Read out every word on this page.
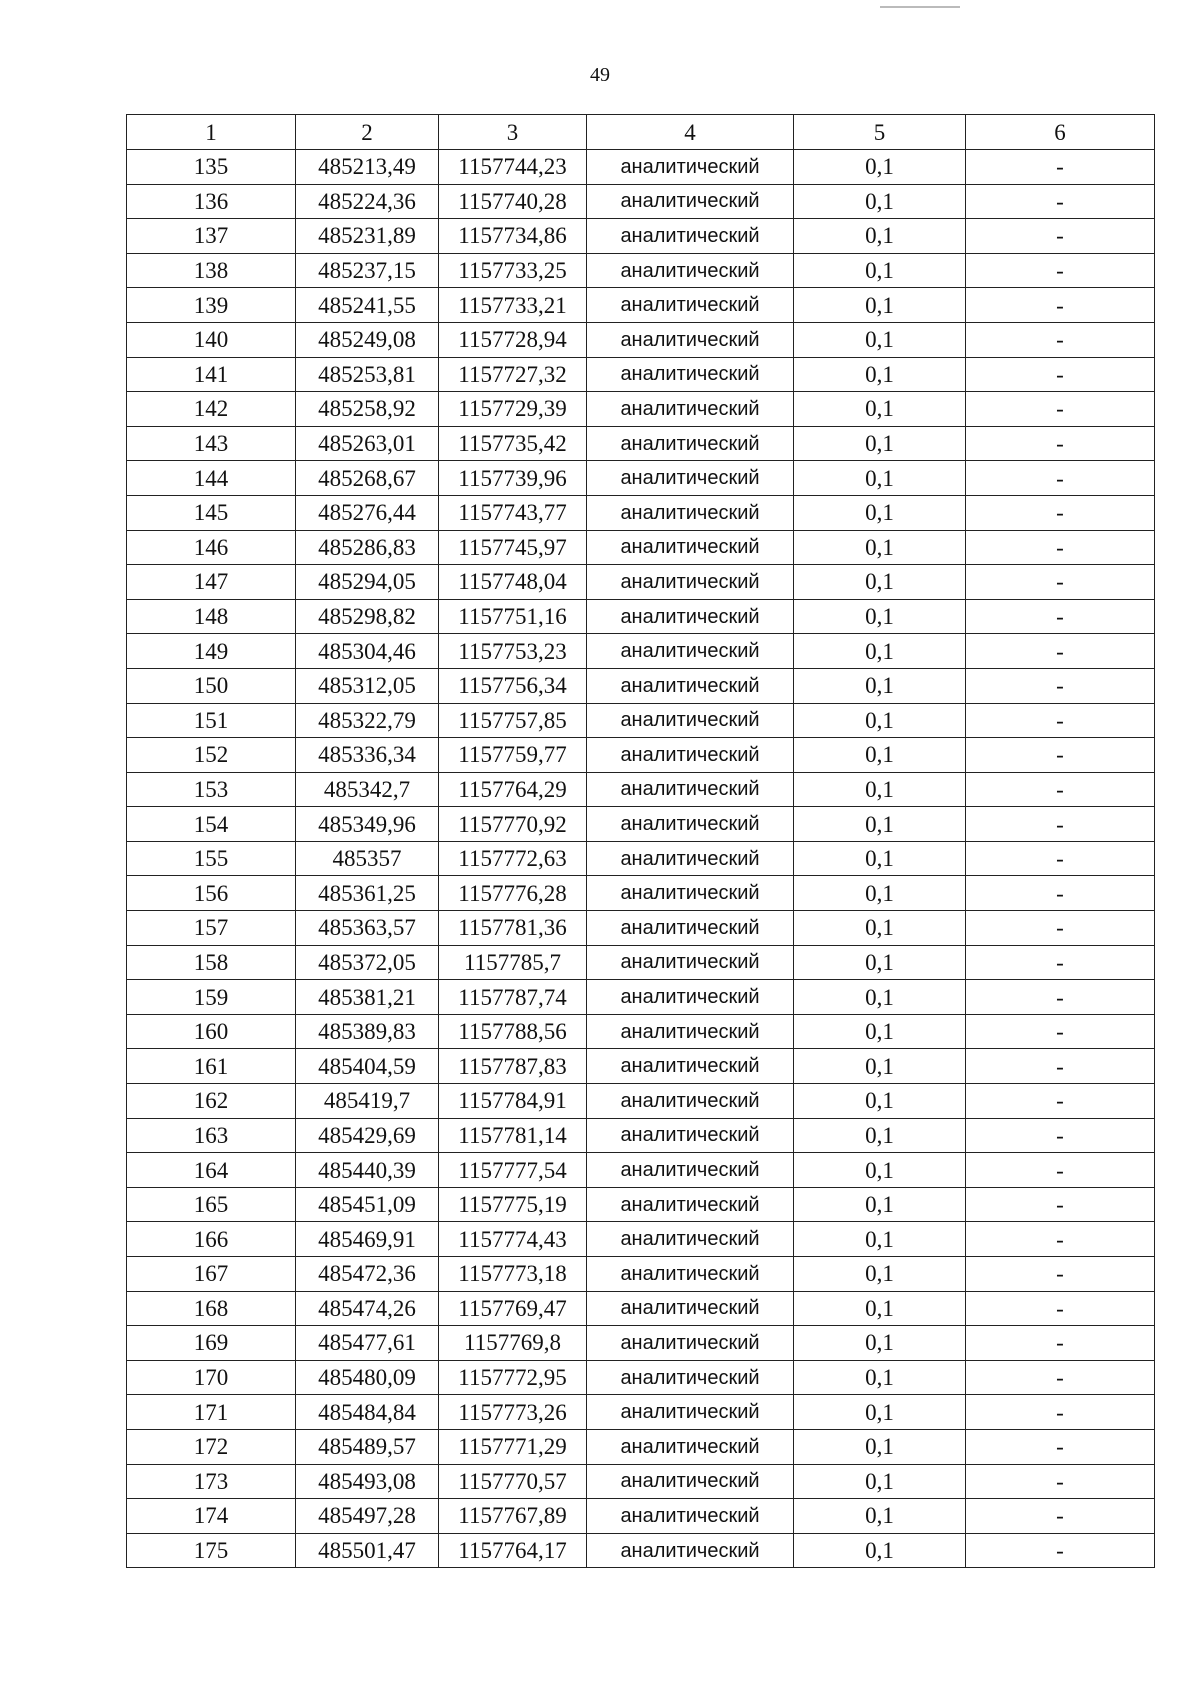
49
1	2	3	4	5	6
135	485213,49	1157744,23	аналитический	0,1	-
136	485224,36	1157740,28	аналитический	0,1	-
137	485231,89	1157734,86	аналитический	0,1	-
138	485237,15	1157733,25	аналитический	0,1	-
139	485241,55	1157733,21	аналитический	0,1	-
140	485249,08	1157728,94	аналитический	0,1	-
141	485253,81	1157727,32	аналитический	0,1	-
142	485258,92	1157729,39	аналитический	0,1	-
143	485263,01	1157735,42	аналитический	0,1	-
144	485268,67	1157739,96	аналитический	0,1	-
145	485276,44	1157743,77	аналитический	0,1	-
146	485286,83	1157745,97	аналитический	0,1	-
147	485294,05	1157748,04	аналитический	0,1	-
148	485298,82	1157751,16	аналитический	0,1	-
149	485304,46	1157753,23	аналитический	0,1	-
150	485312,05	1157756,34	аналитический	0,1	-
151	485322,79	1157757,85	аналитический	0,1	-
152	485336,34	1157759,77	аналитический	0,1	-
153	485342,7	1157764,29	аналитический	0,1	-
154	485349,96	1157770,92	аналитический	0,1	-
155	485357	1157772,63	аналитический	0,1	-
156	485361,25	1157776,28	аналитический	0,1	-
157	485363,57	1157781,36	аналитический	0,1	-
158	485372,05	1157785,7	аналитический	0,1	-
159	485381,21	1157787,74	аналитический	0,1	-
160	485389,83	1157788,56	аналитический	0,1	-
161	485404,59	1157787,83	аналитический	0,1	-
162	485419,7	1157784,91	аналитический	0,1	-
163	485429,69	1157781,14	аналитический	0,1	-
164	485440,39	1157777,54	аналитический	0,1	-
165	485451,09	1157775,19	аналитический	0,1	-
166	485469,91	1157774,43	аналитический	0,1	-
167	485472,36	1157773,18	аналитический	0,1	-
168	485474,26	1157769,47	аналитический	0,1	-
169	485477,61	1157769,8	аналитический	0,1	-
170	485480,09	1157772,95	аналитический	0,1	-
171	485484,84	1157773,26	аналитический	0,1	-
172	485489,57	1157771,29	аналитический	0,1	-
173	485493,08	1157770,57	аналитический	0,1	-
174	485497,28	1157767,89	аналитический	0,1	-
175	485501,47	1157764,17	аналитический	0,1	-
